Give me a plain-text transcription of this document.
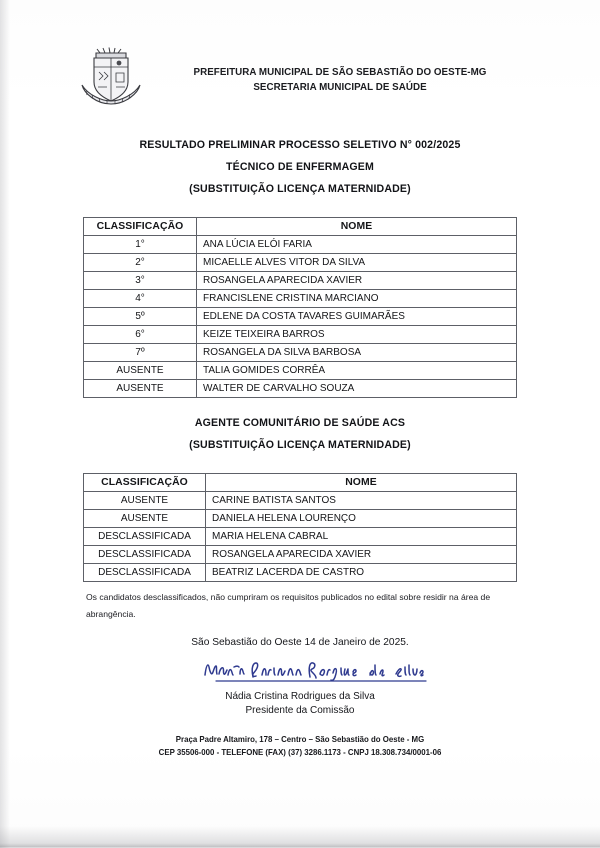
PREFEITURA MUNICIPAL DE SÃO SEBASTIÃO DO OESTE-MG
SECRETARIA MUNICIPAL DE SAÚDE
RESULTADO PRELIMINAR PROCESSO SELETIVO N° 002/2025
TÉCNICO DE ENFERMAGEM
(SUBSTITUIÇÃO LICENÇA MATERNIDADE)
CLASSIFICAÇÃO	NOME
1°	ANA LÚCIA ELÓI FARIA
2°	MICAELLE ALVES VITOR DA SILVA
3°	ROSANGELA APARECIDA XAVIER
4°	FRANCISLENE CRISTINA MARCIANO
5º	EDLENE DA COSTA TAVARES GUIMARÃES
6°	KEIZE TEIXEIRA BARROS
7º	ROSANGELA DA SILVA BARBOSA
AUSENTE	TALIA GOMIDES CORRÊA
AUSENTE	WALTER DE CARVALHO SOUZA
AGENTE COMUNITÁRIO DE SAÚDE ACS
(SUBSTITUIÇÃO LICENÇA MATERNIDADE)
CLASSIFICAÇÃO	NOME
AUSENTE	CARINE BATISTA SANTOS
AUSENTE	DANIELA HELENA LOURENÇO
DESCLASSIFICADA	MARIA HELENA CABRAL
DESCLASSIFICADA	ROSANGELA APARECIDA XAVIER
DESCLASSIFICADA	BEATRIZ LACERDA DE CASTRO
Os candidatos desclassificados, não cumpriram os requisitos publicados no edital sobre residir na área de abrangência.
São Sebastião do Oeste 14 de Janeiro de 2025.
Nádia Cristina Rodrigues da Silva
Presidente da Comissão
Praça Padre Altamiro, 178 – Centro – São Sebastião do Oeste - MG
CEP 35506-000 - TELEFONE (FAX) (37) 3286.1173 - CNPJ 18.308.734/0001-06
